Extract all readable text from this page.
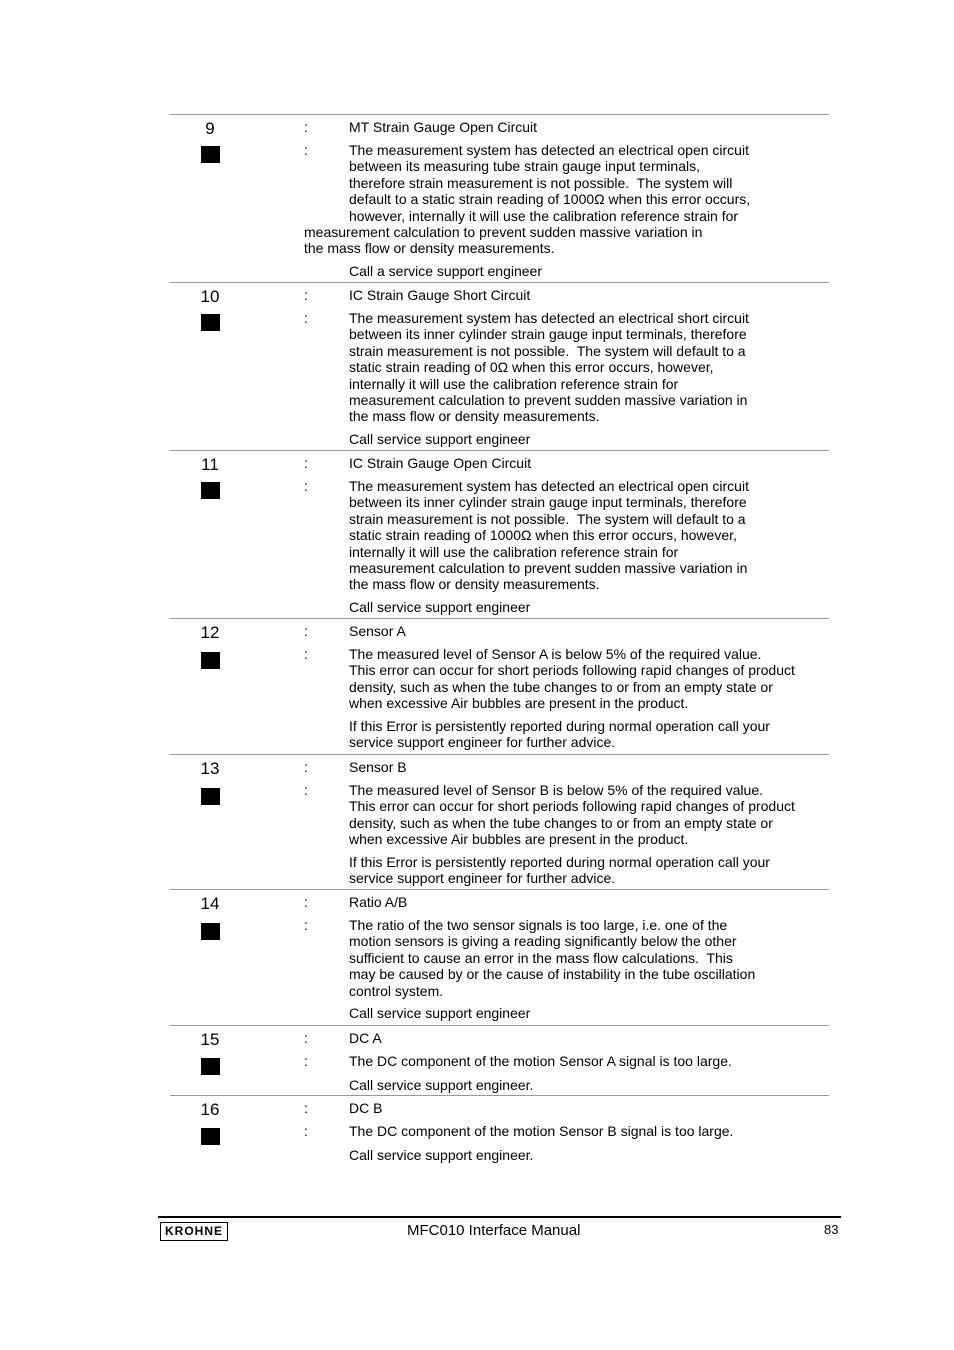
9	:	MT Strain Gauge Open Circuit
:	The measurement system has detected an electrical open circuit
between its measuring tube strain gauge input terminals,
therefore strain measurement is not possible.  The system will
default to a static strain reading of 1000Ω when this error occurs,
however, internally it will use the calibration reference strain for
measurement calculation to prevent sudden massive variation in
the mass flow or density measurements.
Call a service support engineer
10	:	IC Strain Gauge Short Circuit
:	The measurement system has detected an electrical short circuit
between its inner cylinder strain gauge input terminals, therefore
strain measurement is not possible.  The system will default to a
static strain reading of 0Ω when this error occurs, however,
internally it will use the calibration reference strain for
measurement calculation to prevent sudden massive variation in
the mass flow or density measurements.
Call service support engineer
11	:	IC Strain Gauge Open Circuit
:	The measurement system has detected an electrical open circuit
between its inner cylinder strain gauge input terminals, therefore
strain measurement is not possible.  The system will default to a
static strain reading of 1000Ω when this error occurs, however,
internally it will use the calibration reference strain for
measurement calculation to prevent sudden massive variation in
the mass flow or density measurements.
Call service support engineer
12	:	Sensor A
:	The measured level of Sensor A is below 5% of the required value.
This error can occur for short periods following rapid changes of product
density, such as when the tube changes to or from an empty state or
when excessive Air bubbles are present in the product.
If this Error is persistently reported during normal operation call your
service support engineer for further advice.
13	:	Sensor B
:	The measured level of Sensor B is below 5% of the required value.
This error can occur for short periods following rapid changes of product
density, such as when the tube changes to or from an empty state or
when excessive Air bubbles are present in the product.
If this Error is persistently reported during normal operation call your
service support engineer for further advice.
14	:	Ratio A/B
:	The ratio of the two sensor signals is too large, i.e. one of the
motion sensors is giving a reading significantly below the other
sufficient to cause an error in the mass flow calculations.  This
may be caused by or the cause of instability in the tube oscillation
control system.
Call service support engineer
15	:	DC A
:	The DC component of the motion Sensor A signal is too large.
Call service support engineer.
16	:	DC B
:	The DC component of the motion Sensor B signal is too large.
Call service support engineer.
KROHNE	MFC010 Interface Manual	83
